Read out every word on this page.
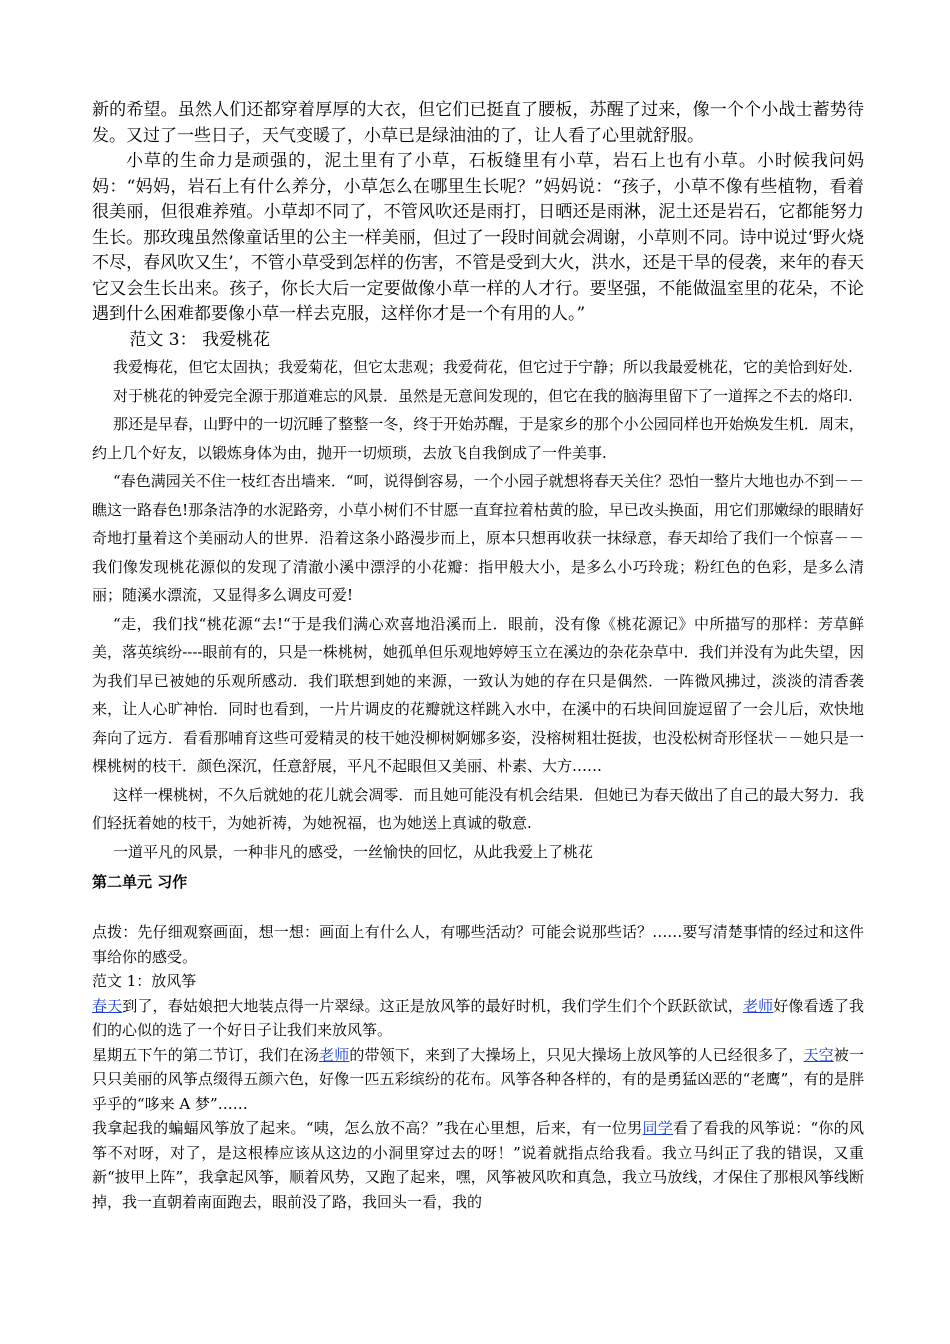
新的希望。虽然人们还都穿着厚厚的大衣，但它们已挺直了腰板，苏醒了过来，像一个个小战士蓄势待发。又过了一些日子，天气变暖了，小草已是绿油油的了，让人看了心里就舒服。

小草的生命力是顽强的，泥土里有了小草，石板缝里有小草，岩石上也有小草。小时候我问妈妈：“妈妈，岩石上有什么养分，小草怎么在哪里生长呢？”妈妈说：“孩子，小草不像有些植物，看着很美丽，但很难养殖。小草却不同了，不管风吹还是雨打，日晒还是雨淋，泥土还是岩石，它都能努力生长。那玫瑰虽然像童话里的公主一样美丽，但过了一段时间就会凋谢，小草则不同。诗中说过‘野火烧不尽，春风吹又生’，不管小草受到怎样的伤害，不管是受到大火，洪水，还是干旱的侵袭，来年的春天它又会生长出来。孩子，你长大后一定要做像小草一样的人才行。要坚强，不能做温室里的花朵，不论遇到什么困难都要像小草一样去克服，这样你才是一个有用的人。”

范文 3： 我爱桃花

我爱梅花，但它太固执；我爱菊花，但它太悲观；我爱荷花，但它过于宁静；所以我最爱桃花，它的美恰到好处.

对于桃花的钟爱完全源于那道难忘的风景．虽然是无意间发现的，但它在我的脑海里留下了一道挥之不去的烙印.

那还是早春，山野中的一切沉睡了整整一冬，终于开始苏醒，于是家乡的那个小公园同样也开始焕发生机．周末，约上几个好友，以锻炼身体为由，抛开一切烦琐，去放飞自我倒成了一件美事.

“春色满园关不住一枝红杏出墙来．“呵，说得倒容易，一个小园子就想将春天关住？恐怕一整片大地也办不到－－瞧这一路春色!那条洁净的水泥路旁，小草小树们不甘愿一直耷拉着枯黄的脸，早已改头换面，用它们那嫩绿的眼睛好奇地打量着这个美丽动人的世界．沿着这条小路漫步而上，原本只想再收获一抹绿意，春天却给了我们一个惊喜－－我们像发现桃花源似的发现了清澈小溪中漂浮的小花瓣：指甲般大小，是多么小巧玲珑；粉红色的色彩，是多么清丽；随溪水漂流，又显得多么调皮可爱!

“走，我们找“桃花源“去!“于是我们满心欢喜地沿溪而上．眼前，没有像《桃花源记》中所描写的那样：芳草鲜美，落英缤纷----眼前有的，只是一株桃树，她孤单但乐观地婷婷玉立在溪边的杂花杂草中．我们并没有为此失望，因为我们早已被她的乐观所感动．我们联想到她的来源，一致认为她的存在只是偶然．一阵微风拂过，淡淡的清香袭来，让人心旷神怡．同时也看到，一片片调皮的花瓣就这样跳入水中，在溪中的石块间回旋逗留了一会儿后，欢快地奔向了远方．看看那哺育这些可爱精灵的枝干她没柳树婀娜多姿，没榕树粗壮挺拔，也没松树奇形怪状－－她只是一棵桃树的枝干．颜色深沉，任意舒展，平凡不起眼但又美丽、朴素、大方……

这样一棵桃树，不久后就她的花儿就会凋零．而且她可能没有机会结果．但她已为春天做出了自己的最大努力．我们轻抚着她的枝干，为她祈祷，为她祝福，也为她送上真诚的敬意.

一道平凡的风景，一种非凡的感受，一丝愉快的回忆，从此我爱上了桃花

第二单元 习作

点拨：先仔细观察画面，想一想：画面上有什么人，有哪些活动？可能会说那些话？……要写清楚事情的经过和这件事给你的感受。

范文 1：放风筝

春天到了，春姑娘把大地装点得一片翠绿。这正是放风筝的最好时机，我们学生们个个跃跃欲试，老师好像看透了我们的心似的选了一个好日子让我们来放风筝。

星期五下午的第二节订，我们在汤老师的带领下，来到了大操场上，只见大操场上放风筝的人已经很多了，天空被一只只美丽的风筝点缀得五颜六色，好像一匹五彩缤纷的花布。风筝各种各样的，有的是勇猛凶恶的“老鹰”，有的是胖乎乎的“哆来 A 梦”……

我拿起我的蝙蝠风筝放了起来。“咦，怎么放不高？”我在心里想，后来，有一位男同学看了看我的风筝说：“你的风筝不对呀，对了，是这根棒应该从这边的小洞里穿过去的呀！”说着就指点给我看。我立马纠正了我的错误，又重新“披甲上阵”，我拿起风筝，顺着风势，又跑了起来，嘿，风筝被风吹和真急，我立马放线，才保住了那根风筝线断掉，我一直朝着南面跑去，眼前没了路，我回头一看，我的
